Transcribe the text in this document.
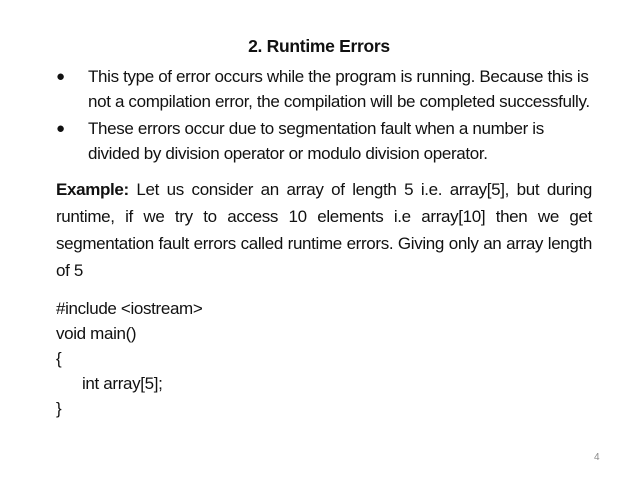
2. Runtime Errors
● This type of error occurs while the program is running. Because this is not a compilation error, the compilation will be completed successfully.
● These errors occur due to segmentation fault when a number is divided by division operator or modulo division operator.
Example: Let us consider an array of length 5 i.e. array[5], but during runtime, if we try to access 10 elements i.e array[10] then we get segmentation fault errors called runtime errors. Giving only an array length of 5
#include <iostream>
void main()
{
int array[5];
}
4
